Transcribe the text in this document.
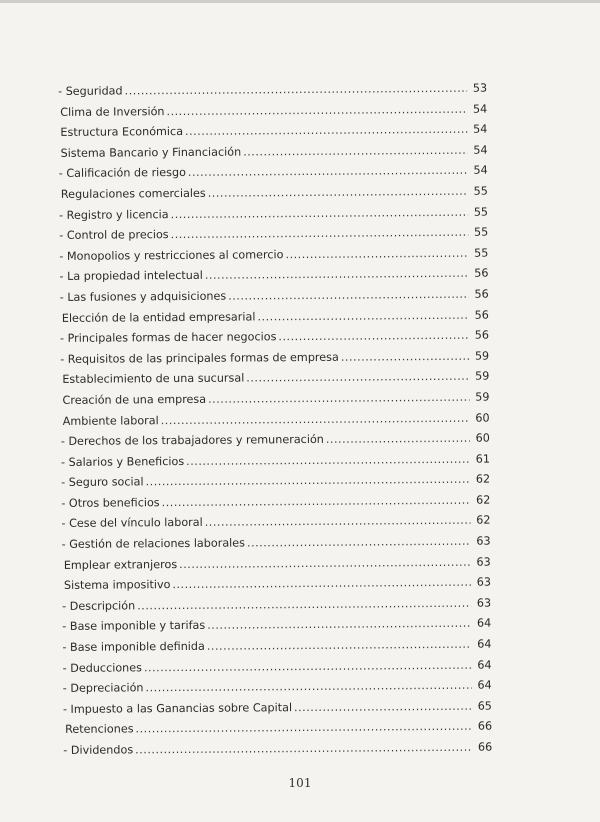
- Seguridad .....	53
Clima de Inversión .....	54
Estructura Económica .....	54
Sistema Bancario y Financiación .....	54
- Calificación de riesgo .....	54
Regulaciones comerciales .....	55
- Registro y licencia .....	55
- Control de precios .....	55
- Monopolios y restricciones al comercio .....	55
- La propiedad intelectual .....	56
- Las fusiones y adquisiciones .....	56
Elección de la entidad empresarial .....	56
- Principales formas de hacer negocios .....	56
- Requisitos de las principales formas de empresa .....	59
Establecimiento de una sucursal .....	59
Creación de una empresa .....	59
Ambiente laboral .....	60
- Derechos de los trabajadores y remuneración .....	60
- Salarios y Beneficios .....	61
- Seguro social .....	62
- Otros beneficios .....	62
- Cese del vínculo laboral .....	62
- Gestión de relaciones laborales .....	63
Emplear extranjeros .....	63
Sistema impositivo .....	63
- Descripción .....	63
- Base imponible y tarifas .....	64
- Base imponible definida .....	64
- Deducciones .....	64
- Depreciación .....	64
- Impuesto a las Ganancias sobre Capital .....	65
Retenciones .....	66
- Dividendos .....	66
101
